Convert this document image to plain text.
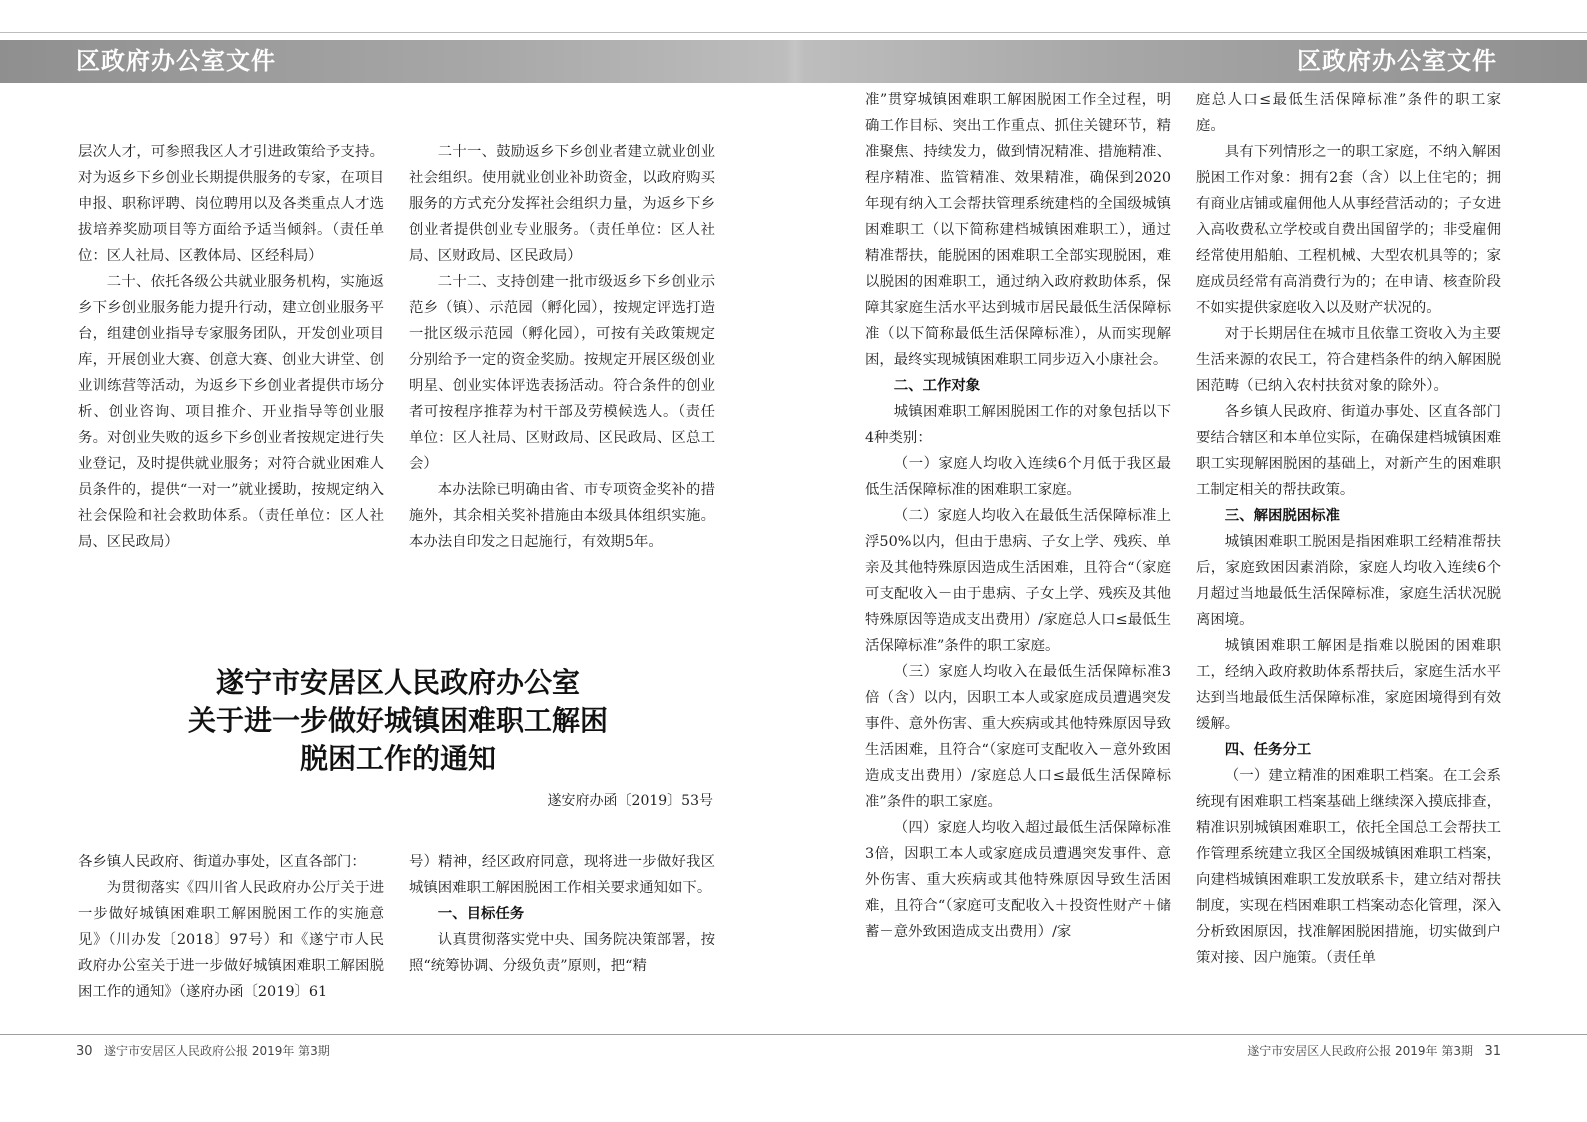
区政府办公室文件	区政府办公室文件

层次人才，可参照我区人才引进政策给予支持。对为返乡下乡创业长期提供服务的专家，在项目申报、职称评聘、岗位聘用以及各类重点人才选拔培养奖励项目等方面给予适当倾斜。（责任单位：区人社局、区教体局、区经科局）

二十、依托各级公共就业服务机构，实施返乡下乡创业服务能力提升行动，建立创业服务平台，组建创业指导专家服务团队，开发创业项目库，开展创业大赛、创意大赛、创业大讲堂、创业训练营等活动，为返乡下乡创业者提供市场分析、创业咨询、项目推介、开业指导等创业服务。对创业失败的返乡下乡创业者按规定进行失业登记，及时提供就业服务；对符合就业困难人员条件的，提供“一对一”就业援助，按规定纳入社会保险和社会救助体系。（责任单位：区人社局、区民政局）

二十一、鼓励返乡下乡创业者建立就业创业社会组织。使用就业创业补助资金，以政府购买服务的方式充分发挥社会组织力量，为返乡下乡创业者提供创业专业服务。（责任单位：区人社局、区财政局、区民政局）

二十二、支持创建一批市级返乡下乡创业示范乡（镇）、示范园（孵化园），按规定评选打造一批区级示范园（孵化园），可按有关政策规定分别给予一定的资金奖励。按规定开展区级创业明星、创业实体评选表扬活动。符合条件的创业者可按程序推荐为村干部及劳模候选人。（责任单位：区人社局、区财政局、区民政局、区总工会）

本办法除已明确由省、市专项资金奖补的措施外，其余相关奖补措施由本级具体组织实施。本办法自印发之日起施行，有效期5年。

遂宁市安居区人民政府办公室
关于进一步做好城镇困难职工解困
脱困工作的通知
遂安府办函〔2019〕53号

各乡镇人民政府、街道办事处，区直各部门：

为贯彻落实《四川省人民政府办公厅关于进一步做好城镇困难职工解困脱困工作的实施意见》（川办发〔2018〕97号）和《遂宁市人民政府办公室关于进一步做好城镇困难职工解困脱困工作的通知》（遂府办函〔2019〕61

号）精神，经区政府同意，现将进一步做好我区城镇困难职工解困脱困工作相关要求通知如下。

一、目标任务

认真贯彻落实党中央、国务院决策部署，按照“统筹协调、分级负责”原则，把“精

准”贯穿城镇困难职工解困脱困工作全过程，明确工作目标、突出工作重点、抓住关键环节，精准聚焦、持续发力，做到情况精准、措施精准、程序精准、监管精准、效果精准，确保到2020年现有纳入工会帮扶管理系统建档的全国级城镇困难职工（以下简称建档城镇困难职工），通过精准帮扶，能脱困的困难职工全部实现脱困，难以脱困的困难职工，通过纳入政府救助体系，保障其家庭生活水平达到城市居民最低生活保障标准（以下简称最低生活保障标准），从而实现解困，最终实现城镇困难职工同步迈入小康社会。

二、工作对象

城镇困难职工解困脱困工作的对象包括以下4种类别：

（一）家庭人均收入连续6个月低于我区最低生活保障标准的困难职工家庭。

（二）家庭人均收入在最低生活保障标准上浮50%以内，但由于患病、子女上学、残疾、单亲及其他特殊原因造成生活困难，且符合“（家庭可支配收入－由于患病、子女上学、残疾及其他特殊原因等造成支出费用）/家庭总人口≤最低生活保障标准”条件的职工家庭。

（三）家庭人均收入在最低生活保障标准3倍（含）以内，因职工本人或家庭成员遭遇突发事件、意外伤害、重大疾病或其他特殊原因导致生活困难，且符合“（家庭可支配收入－意外致困造成支出费用）/家庭总人口≤最低生活保障标准”条件的职工家庭。

（四）家庭人均收入超过最低生活保障标准3倍，因职工本人或家庭成员遭遇突发事件、意外伤害、重大疾病或其他特殊原因导致生活困难，且符合“（家庭可支配收入＋投资性财产＋储蓄－意外致困造成支出费用）/家

庭总人口≤最低生活保障标准”条件的职工家庭。

具有下列情形之一的职工家庭，不纳入解困脱困工作对象：拥有2套（含）以上住宅的；拥有商业店铺或雇佣他人从事经营活动的；子女进入高收费私立学校或自费出国留学的；非受雇佣经常使用船舶、工程机械、大型农机具等的；家庭成员经常有高消费行为的；在申请、核查阶段不如实提供家庭收入以及财产状况的。

对于长期居住在城市且依靠工资收入为主要生活来源的农民工，符合建档条件的纳入解困脱困范畴（已纳入农村扶贫对象的除外）。

各乡镇人民政府、街道办事处、区直各部门要结合辖区和本单位实际，在确保建档城镇困难职工实现解困脱困的基础上，对新产生的困难职工制定相关的帮扶政策。

三、解困脱困标准

城镇困难职工脱困是指困难职工经精准帮扶后，家庭致困因素消除，家庭人均收入连续6个月超过当地最低生活保障标准，家庭生活状况脱离困境。

城镇困难职工解困是指难以脱困的困难职工，经纳入政府救助体系帮扶后，家庭生活水平达到当地最低生活保障标准，家庭困境得到有效缓解。

四、任务分工

（一）建立精准的困难职工档案。在工会系统现有困难职工档案基础上继续深入摸底排查，精准识别城镇困难职工，依托全国总工会帮扶工作管理系统建立我区全国级城镇困难职工档案，向建档城镇困难职工发放联系卡，建立结对帮扶制度，实现在档困难职工档案动态化管理，深入分析致困原因，找准解困脱困措施，切实做到户策对接、因户施策。（责任单

30 遂宁市安居区人民政府公报 2019年 第3期	遂宁市安居区人民政府公报 2019年 第3期 31
